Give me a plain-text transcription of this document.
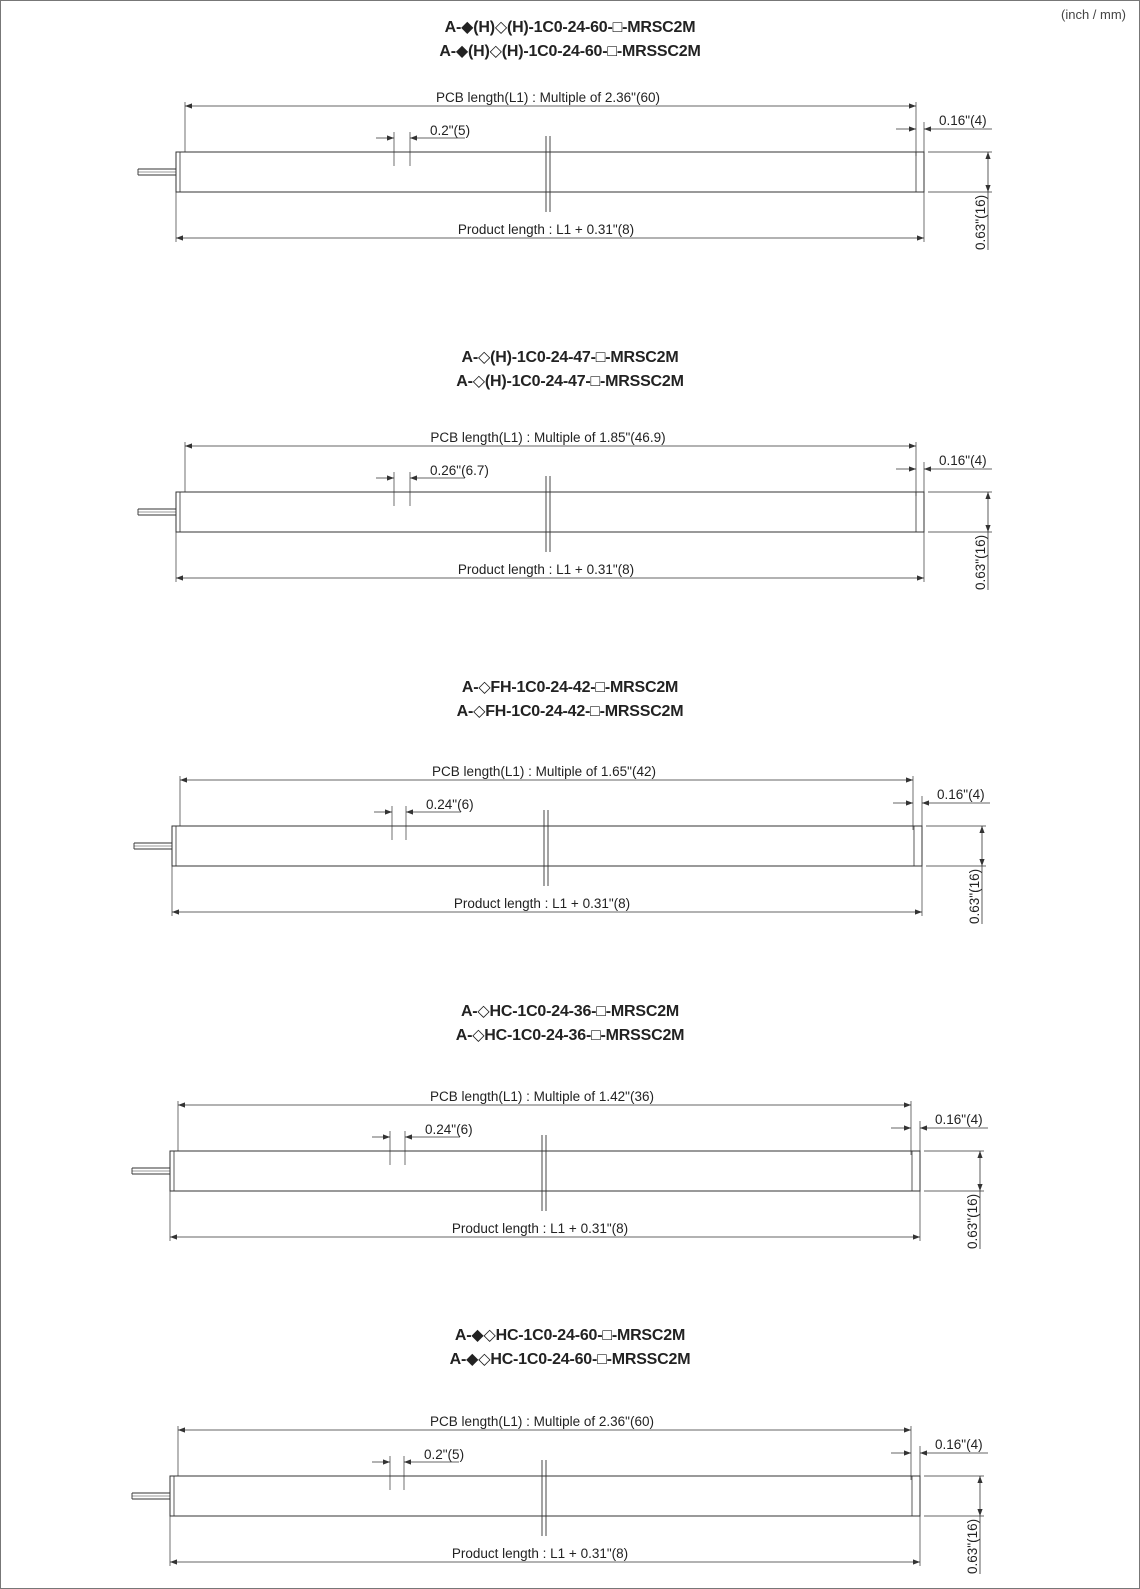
(inch / mm)
A-◆(H)◇(H)-1C0-24-60-□-MRSC2M
A-◆(H)◇(H)-1C0-24-60-□-MRSSC2M
A-◇(H)-1C0-24-47-□-MRSC2M
A-◇(H)-1C0-24-47-□-MRSSC2M
A-◇FH-1C0-24-42-□-MRSC2M
A-◇FH-1C0-24-42-□-MRSSC2M
A-◇HC-1C0-24-36-□-MRSC2M
A-◇HC-1C0-24-36-□-MRSSC2M
A-◆◇HC-1C0-24-60-□-MRSC2M
A-◆◇HC-1C0-24-60-□-MRSSC2M
PCB length(L1) : Multiple of 2.36"(60)
0.2"(5)
0.16"(4)
Product length : L1 + 0.31"(8)	0.63"(16)
PCB length(L1) : Multiple of 1.85"(46.9)
0.26"(6.7)
0.16"(4)
Product length : L1 + 0.31"(8)	0.63"(16)
PCB length(L1) : Multiple of 1.65"(42)
0.24"(6)
0.16"(4)
Product length : L1 + 0.31"(8)	0.63"(16)
PCB length(L1) : Multiple of 1.42"(36)
0.24"(6)
0.16"(4)
Product length : L1 + 0.31"(8)	0.63"(16)
PCB length(L1) : Multiple of 2.36"(60)
0.2"(5)
0.16"(4)
Product length : L1 + 0.31"(8)	0.63"(16)
